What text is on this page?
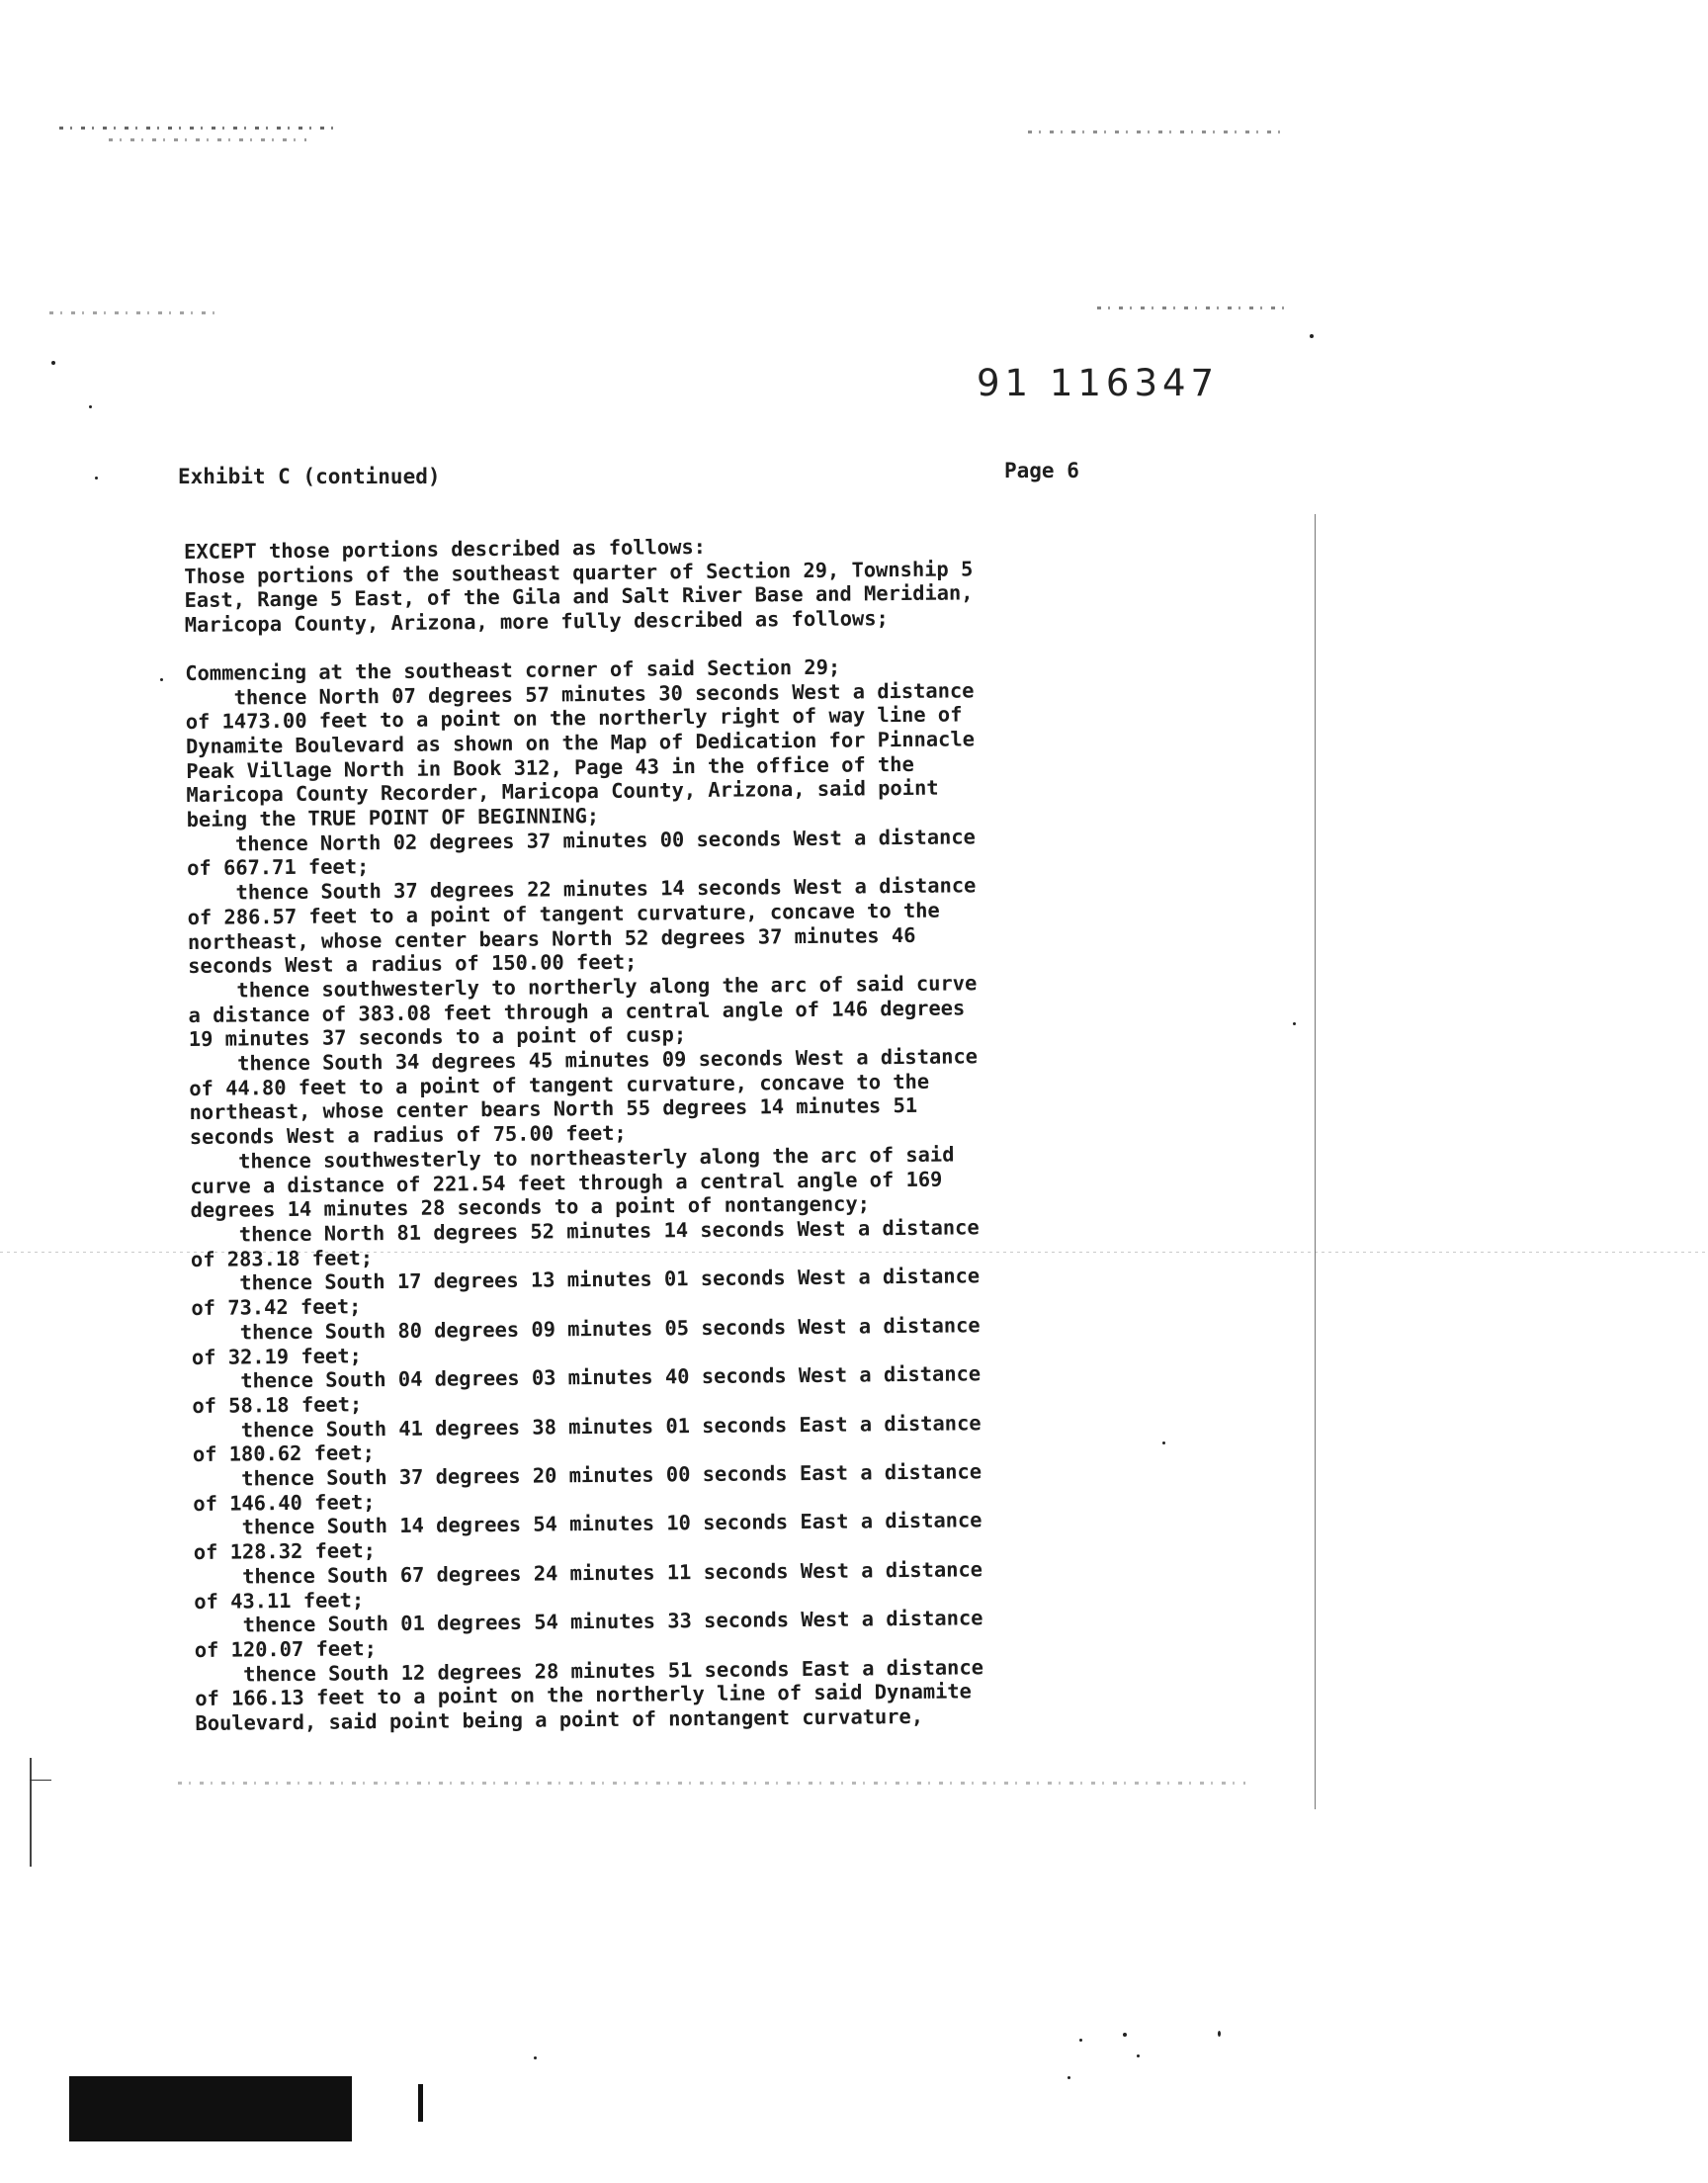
91 116347
Exhibit C (continued)	Page 6
EXCEPT those portions described as follows:
Those portions of the southeast quarter of Section 29, Township 5
East, Range 5 East, of the Gila and Salt River Base and Meridian,
Maricopa County, Arizona, more fully described as follows;
Commencing at the southeast corner of said Section 29;
thence North 07 degrees 57 minutes 30 seconds West a distance
of 1473.00 feet to a point on the northerly right of way line of
Dynamite Boulevard as shown on the Map of Dedication for Pinnacle
Peak Village North in Book 312, Page 43 in the office of the
Maricopa County Recorder, Maricopa County, Arizona, said point
being the TRUE POINT OF BEGINNING;
thence North 02 degrees 37 minutes 00 seconds West a distance
of 667.71 feet;
thence South 37 degrees 22 minutes 14 seconds West a distance
of 286.57 feet to a point of tangent curvature, concave to the
northeast, whose center bears North 52 degrees 37 minutes 46
seconds West a radius of 150.00 feet;
thence southwesterly to northerly along the arc of said curve
a distance of 383.08 feet through a central angle of 146 degrees
19 minutes 37 seconds to a point of cusp;
thence South 34 degrees 45 minutes 09 seconds West a distance
of 44.80 feet to a point of tangent curvature, concave to the
northeast, whose center bears North 55 degrees 14 minutes 51
seconds West a radius of 75.00 feet;
thence southwesterly to northeasterly along the arc of said
curve a distance of 221.54 feet through a central angle of 169
degrees 14 minutes 28 seconds to a point of nontangency;
thence North 81 degrees 52 minutes 14 seconds West a distance
of 283.18 feet;
thence South 17 degrees 13 minutes 01 seconds West a distance
of 73.42 feet;
thence South 80 degrees 09 minutes 05 seconds West a distance
of 32.19 feet;
thence South 04 degrees 03 minutes 40 seconds West a distance
of 58.18 feet;
thence South 41 degrees 38 minutes 01 seconds East a distance
of 180.62 feet;
thence South 37 degrees 20 minutes 00 seconds East a distance
of 146.40 feet;
thence South 14 degrees 54 minutes 10 seconds East a distance
of 128.32 feet;
thence South 67 degrees 24 minutes 11 seconds West a distance
of 43.11 feet;
thence South 01 degrees 54 minutes 33 seconds West a distance
of 120.07 feet;
thence South 12 degrees 28 minutes 51 seconds East a distance
of 166.13 feet to a point on the northerly line of said Dynamite
Boulevard, said point being a point of nontangent curvature,
